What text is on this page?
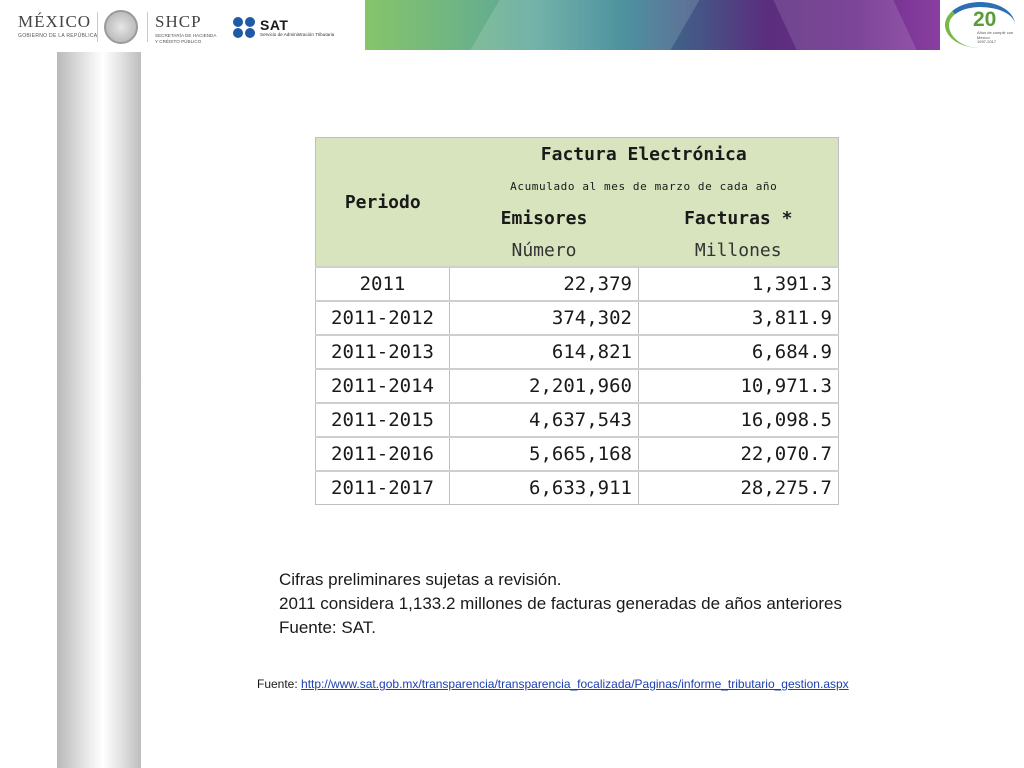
MÉXICO
GOBIERNO DE LA REPÚBLICA
SHCP
SECRETARÍA DE HACIENDA
Y CRÉDITO PÚBLICO
SAT
Servicio de Administración Tributaria
20
Años de cumplir con México
1997-2017
Periodo	Factura Electrónica	
	Acumulado al mes de marzo de cada año	
	Emisores	Facturas *
	Número	Millones
2011	22,379	1,391.3
2011-2012	374,302	3,811.9
2011-2013	614,821	6,684.9
2011-2014	2,201,960	10,971.3
2011-2015	4,637,543	16,098.5
2011-2016	5,665,168	22,070.7
2011-2017	6,633,911	28,275.7
Cifras preliminares sujetas a revisión.
2011 considera 1,133.2 millones de facturas generadas de años anteriores
Fuente: SAT.
Fuente: http://www.sat.gob.mx/transparencia/transparencia_focalizada/Paginas/informe_tributario_gestion.aspx
